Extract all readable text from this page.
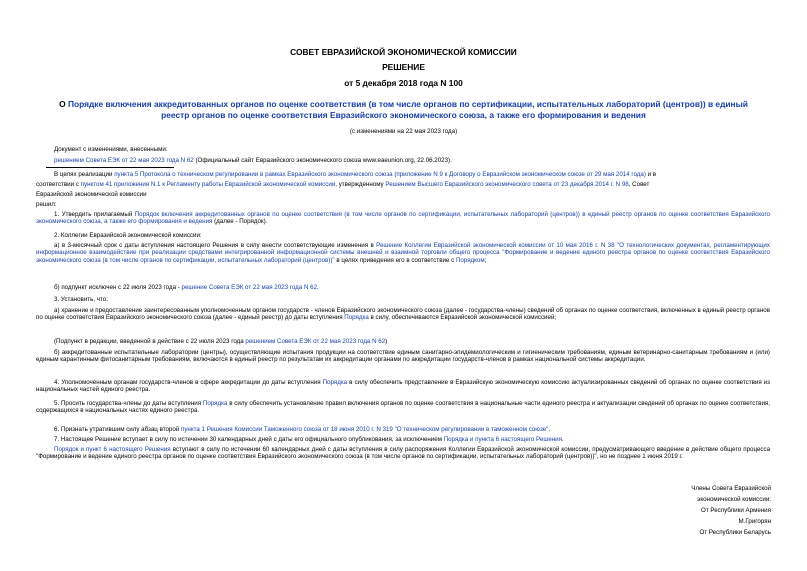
СОВЕТ ЕВРАЗИЙСКОЙ ЭКОНОМИЧЕСКОЙ КОМИССИИ
РЕШЕНИЕ
от 5 декабря 2018 года N 100
О Порядке включения аккредитованных органов по оценке соответствия (в том числе органов по сертификации, испытательных лабораторий (центров)) в единый
реестр органов по оценке соответствия Евразийского экономического союза, а также его формирования и ведения
(с изменениями на 22 мая 2023 года)
Документ с изменениями, внесенными:
решением Совета ЕЭК от 22 мая 2023 года N 62 (Официальный сайт Евразийского экономического союза www.eaeunion.org, 22.06.2023).
В целях реализации пункта 5 Протокола о техническом регулировании в рамках Евразийского экономического союза (приложение N 9 к Договору о Евразийском экономическом союзе от 29 мая 2014 года) и в
соответствии с пунктом 41 приложения N 1 к Регламенту работы Евразийской экономической комиссии, утвержденному Решением Высшего Евразийского экономического совета от 23 декабря 2014 г. N 98, Совет
Евразийской экономической комиссии
решил:
1. Утвердить прилагаемый Порядок включения аккредитованных органов по оценке соответствия (в том числе органов по сертификации, испытательных лабораторий (центров)) в единый реестр органов по оценке соответствия Евразийского экономического союза, а также его формирования и ведения (далее - Порядок).
2. Коллегии Евразийской экономической комиссии:
а) в 3-месячный срок с даты вступления настоящего Решения в силу внести соответствующие изменения в Решение Коллегии Евразийской экономической комиссии от 10 мая 2016 г. N 38 "О технологических документах, регламентирующих информационное взаимодействие при реализации средствами интегрированной информационной системы внешней и взаимной торговли общего процесса "Формирование и ведение единого реестра органов по оценке соответствия Евразийского экономического союза (в том числе органов по сертификации, испытательных лабораторий (центров))" в целях приведения его в соответствие с Порядком;
б) подпункт исключен с 22 июля 2023 года - решение Совета ЕЭК от 22 мая 2023 года N 62.
3. Установить, что:
а) хранение и предоставление заинтересованным уполномоченным органом государств - членов Евразийского экономического союза (далее - государства-члены) сведений об органах по оценке соответствия, включенных в единый реестр органов по оценке соответствия Евразийского экономического союза (далее - единый реестр) до даты вступления Порядка в силу, обеспечиваются Евразийской экономической комиссией;
(Подпункт в редакции, введенной в действие с 22 июля 2023 года решением Совета ЕЭК от 22 мая 2023 года N 62)
б) аккредитованные испытательные лаборатории (центры), осуществляющие испытания продукции на соответствие единым санитарно-эпидемиологическим и гигиеническим требованиям, единым ветеринарно-санитарным требованиям и (или) единым карантинным фитосанитарным требованиям, включаются в единый реестр по результатам их аккредитации органами по аккредитации государств-членов в рамках национальной системы аккредитации.
4. Уполномоченным органам государств-членов в сфере аккредитации до даты вступления Порядка в силу обеспечить представление в Евразийскую экономическую комиссию актуализированных сведений об органах по оценке соответствия из национальных частей единого реестра.
5. Просить государства-члены до даты вступления Порядка в силу обеспечить установление правил включения органов по оценке соответствия в национальные части единого реестра и актуализации сведений об органах по оценке соответствия, содержащихся в национальных частях единого реестра.
6. Признать утратившим силу абзац второй пункта 1 Решения Комиссии Таможенного союза от 18 июня 2010 г. N 319 "О техническом регулировании в таможенном союзе".
7. Настоящее Решение вступает в силу по истечении 30 календарных дней с даты его официального опубликования, за исключением Порядка и пункта 6 настоящего Решения.
Порядок и пункт 6 настоящего Решения вступают в силу по истечении 60 календарных дней с даты вступления в силу распоряжения Коллегии Евразийской экономической комиссии, предусматривающего введение в действие общего процесса "Формирование и ведение единого реестра органов по оценке соответствия Евразийского экономического союза (в том числе органов по сертификации, испытательных лабораторий (центров))", но не позднее 1 июня 2019 г.
Члены Совета Евразийской
экономической комиссии:
От Республики Армения
М.Григорян
От Республики Беларусь
